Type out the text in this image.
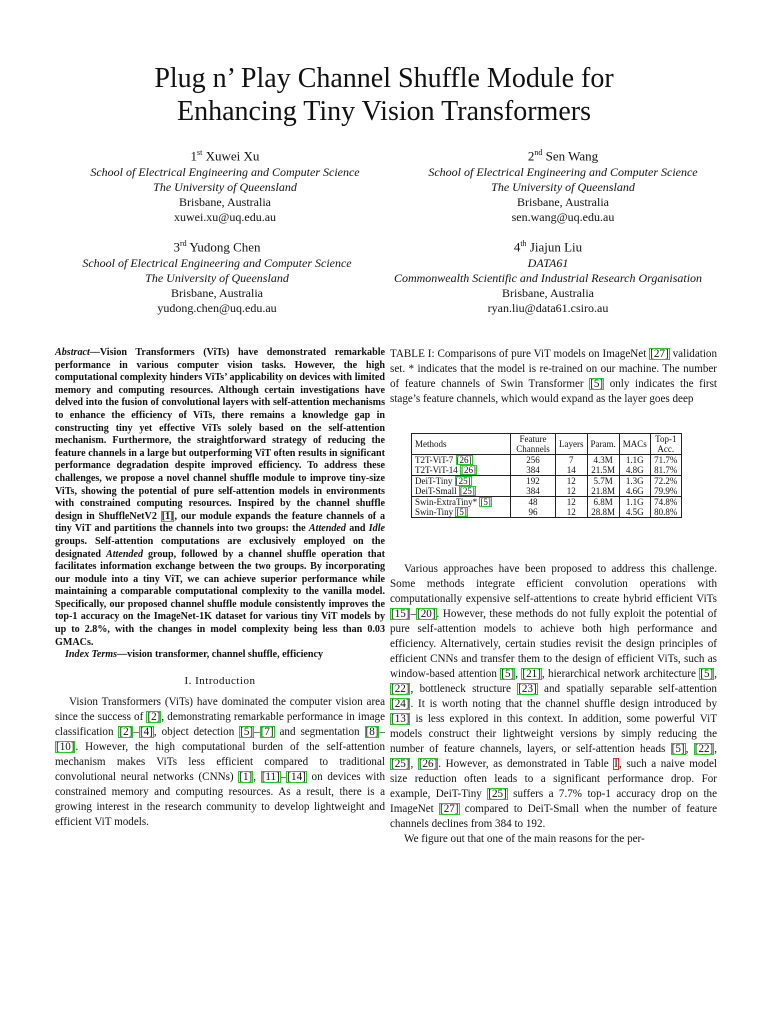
Plug n’ Play Channel Shuffle Module for
Enhancing Tiny Vision Transformers
1st Xuwei Xu
School of Electrical Engineering and Computer Science
The University of Queensland
Brisbane, Australia
xuwei.xu@uq.edu.au
2nd Sen Wang
School of Electrical Engineering and Computer Science
The University of Queensland
Brisbane, Australia
sen.wang@uq.edu.au
3rd Yudong Chen
School of Electrical Engineering and Computer Science
The University of Queensland
Brisbane, Australia
yudong.chen@uq.edu.au
4th Jiajun Liu
DATA61
Commonwealth Scientific and Industrial Research Organisation
Brisbane, Australia
ryan.liu@data61.csiro.au
Abstract—Vision Transformers (ViTs) have demonstrated remarkable performance in various computer vision tasks. However, the high computational complexity hinders ViTs’ applicability on devices with limited memory and computing resources. Although certain investigations have delved into the fusion of convolutional layers with self-attention mechanisms to enhance the efficiency of ViTs, there remains a knowledge gap in constructing tiny yet effective ViTs solely based on the self-attention mechanism. Furthermore, the straightforward strategy of reducing the feature channels in a large but outperforming ViT often results in significant performance degradation despite improved efficiency. To address these challenges, we propose a novel channel shuffle module to improve tiny-size ViTs, showing the potential of pure self-attention models in environments with constrained computing resources. Inspired by the channel shuffle design in ShuffleNetV2 [1], our module expands the feature channels of a tiny ViT and partitions the channels into two groups: the Attended and Idle groups. Self-attention computations are exclusively employed on the designated Attended group, followed by a channel shuffle operation that facilitates information exchange between the two groups. By incorporating our module into a tiny ViT, we can achieve superior performance while maintaining a comparable computational complexity to the vanilla model. Specifically, our proposed channel shuffle module consistently improves the top-1 accuracy on the ImageNet-1K dataset for various tiny ViT models by up to 2.8%, with the changes in model complexity being less than 0.03 GMACs.
Index Terms—vision transformer, channel shuffle, efficiency
I. Introduction

Vision Transformers (ViTs) have dominated the computer vision area since the success of [2], demonstrating remarkable performance in image classification [2]–[4], object detection [5]–[7] and segmentation [8]–[10]. However, the high computational burden of the self-attention mechanism makes ViTs less efficient compared to traditional convolutional neural networks (CNNs) [1], [11]–[14] on devices with constrained memory and computing resources. As a result, there is a growing interest in the research community to develop lightweight and efficient ViT models.

TABLE I: Comparisons of pure ViT models on ImageNet [27] validation set. * indicates that the model is re-trained on our machine. The number of feature channels of Swin Transformer [5] only indicates the first stage’s feature channels, which would expand as the layer goes deep
Methods	Feature Channels	Layers	Param.	MACs	Top-1 Acc.
T2T-ViT-7 [26]	256	7	4.3M	1.1G	71.7%
T2T-ViT-14 [26]	384	14	21.5M	4.8G	81.7%
DeiT-Tiny [25]	192	12	5.7M	1.3G	72.2%
DeiT-Small [25]	384	12	21.8M	4.6G	79.9%
Swin-ExtraTiny* [5]	48	12	6.8M	1.1G	74.8%
Swin-Tiny [5]	96	12	28.8M	4.5G	80.8%

Various approaches have been proposed to address this challenge. Some methods integrate efficient convolution operations with computationally expensive self-attentions to create hybrid efficient ViTs [15]–[20]. However, these methods do not fully exploit the potential of pure self-attention models to achieve both high performance and efficiency. Alternatively, certain studies revisit the design principles of efficient CNNs and transfer them to the design of efficient ViTs, such as window-based attention [5], [21], hierarchical network architecture [5], [22], bottleneck structure [23] and spatially separable self-attention [24]. It is worth noting that the channel shuffle design introduced by [13] is less explored in this context. In addition, some powerful ViT models construct their lightweight versions by simply reducing the number of feature channels, layers, or self-attention heads [5], [22], [25], [26]. However, as demonstrated in Table I, such a naive model size reduction often leads to a significant performance drop. For example, DeiT-Tiny [25] suffers a 7.7% top-1 accuracy drop on the ImageNet [27] compared to DeiT-Small when the number of feature channels declines from 384 to 192.

We figure out that one of the main reasons for the per-
